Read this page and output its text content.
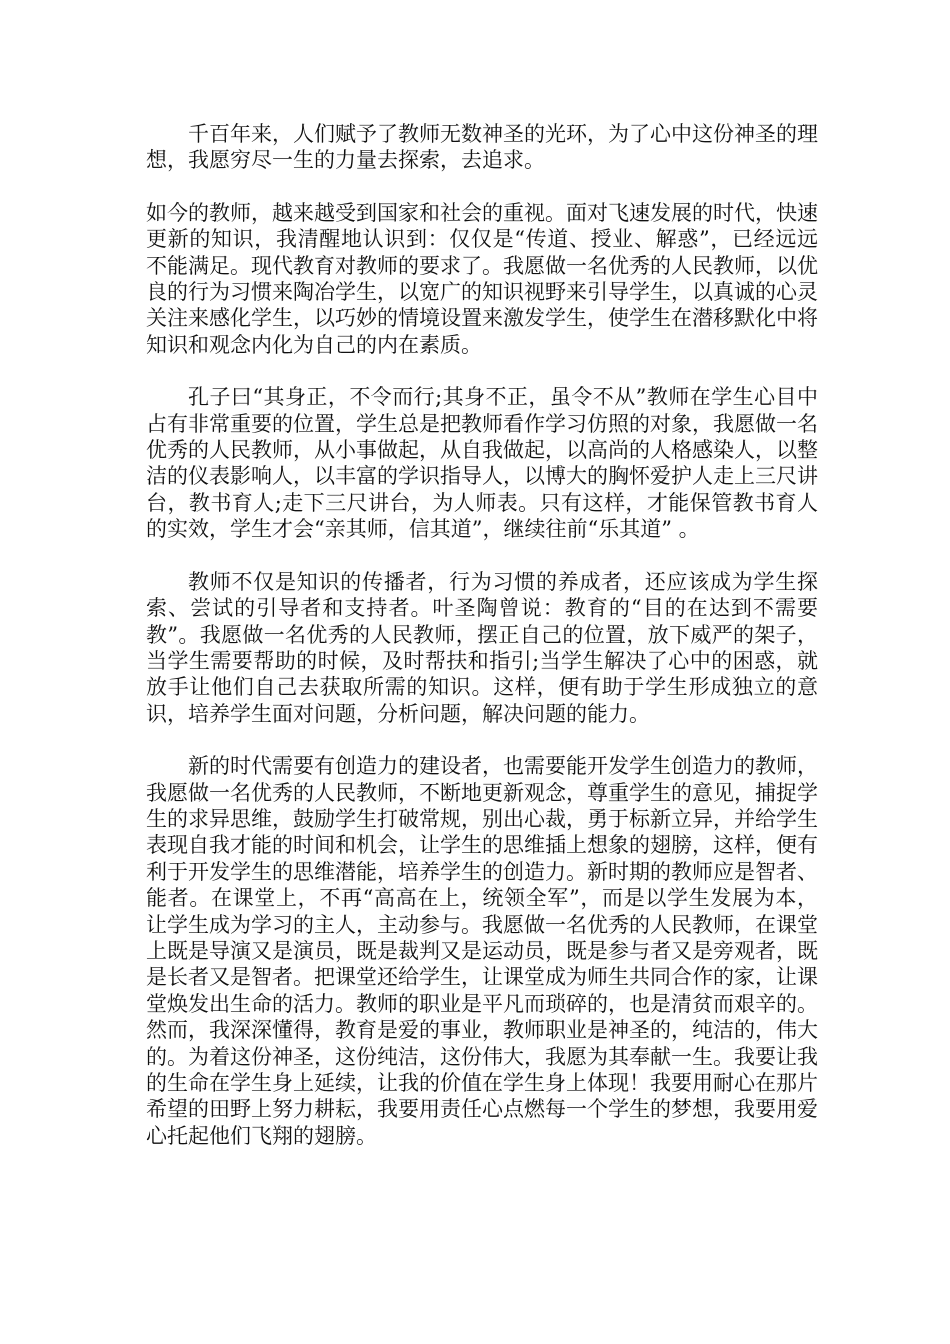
千百年来，人们赋予了教师无数神圣的光环，为了心中这份神圣的理想，我愿穷尽一生的力量去探索，去追求。

如今的教师，越来越受到国家和社会的重视。面对飞速发展的时代，快速更新的知识，我清醒地认识到：仅仅是“传道、授业、解惑”，已经远远不能满足。现代教育对教师的要求了。我愿做一名优秀的人民教师，以优良的行为习惯来陶冶学生，以宽广的知识视野来引导学生，以真诚的心灵关注来感化学生，以巧妙的情境设置来激发学生，使学生在潜移默化中将知识和观念内化为自己的内在素质。

孔子曰“其身正，不令而行;其身不正，虽令不从”教师在学生心目中占有非常重要的位置，学生总是把教师看作学习仿照的对象，我愿做一名优秀的人民教师，从小事做起，从自我做起，以高尚的人格感染人，以整洁的仪表影响人，以丰富的学识指导人，以博大的胸怀爱护人走上三尺讲台，教书育人;走下三尺讲台，为人师表。只有这样，才能保管教书育人的实效，学生才会“亲其师，信其道”，继续往前“乐其道” 。

教师不仅是知识的传播者，行为习惯的养成者，还应该成为学生探索、尝试的引导者和支持者。叶圣陶曾说：教育的“目的在达到不需要教”。我愿做一名优秀的人民教师，摆正自己的位置，放下威严的架子，当学生需要帮助的时候，及时帮扶和指引;当学生解决了心中的困惑，就放手让他们自己去获取所需的知识。这样，便有助于学生形成独立的意识，培养学生面对问题，分析问题，解决问题的能力。

新的时代需要有创造力的建设者，也需要能开发学生创造力的教师，我愿做一名优秀的人民教师，不断地更新观念，尊重学生的意见，捕捉学生的求异思维，鼓励学生打破常规，别出心裁，勇于标新立异，并给学生表现自我才能的时间和机会，让学生的思维插上想象的翅膀，这样，便有利于开发学生的思维潜能，培养学生的创造力。新时期的教师应是智者、能者。在课堂上，不再“高高在上，统领全军”，而是以学生发展为本，让学生成为学习的主人，主动参与。我愿做一名优秀的人民教师，在课堂上既是导演又是演员，既是裁判又是运动员，既是参与者又是旁观者，既是长者又是智者。把课堂还给学生，让课堂成为师生共同合作的家，让课堂焕发出生命的活力。教师的职业是平凡而琐碎的，也是清贫而艰辛的。然而，我深深懂得，教育是爱的事业，教师职业是神圣的，纯洁的，伟大的。为着这份神圣，这份纯洁，这份伟大，我愿为其奉献一生。我要让我的生命在学生身上延续，让我的价值在学生身上体现！我要用耐心在那片希望的田野上努力耕耘，我要用责任心点燃每一个学生的梦想，我要用爱心托起他们飞翔的翅膀。
